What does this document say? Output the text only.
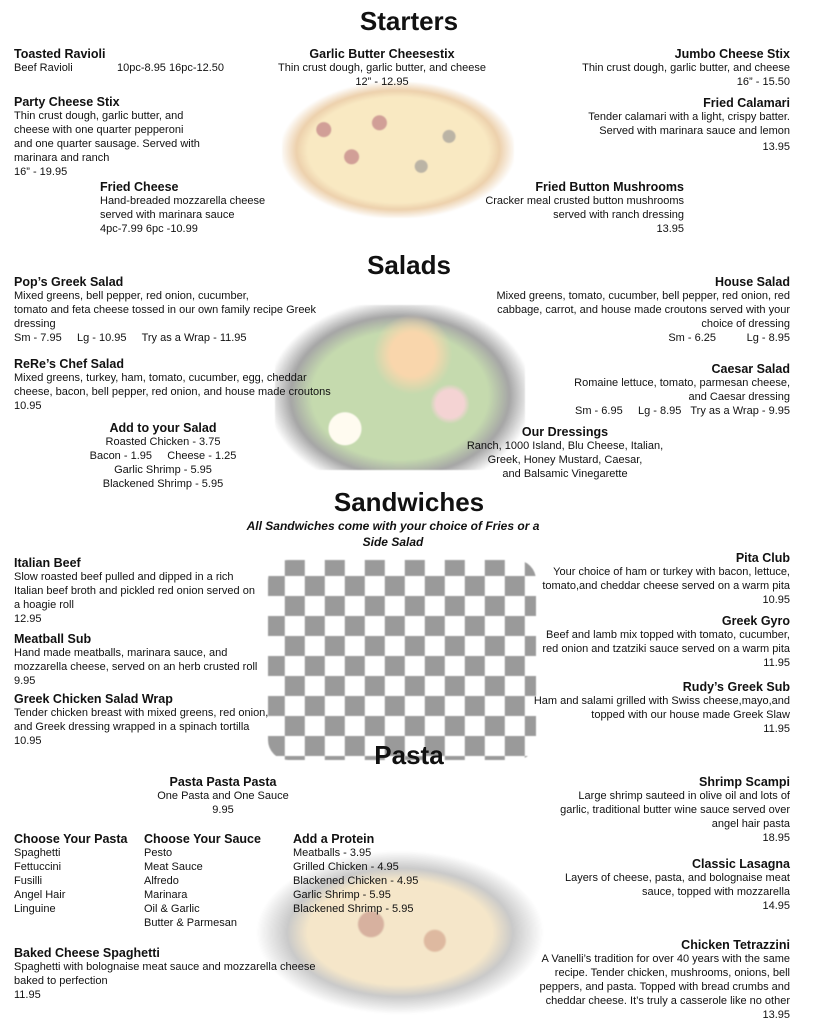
Starters
Toasted Ravioli
Beef Ravioli	10pc-8.95 16pc-12.50
Garlic Butter Cheesestix
Thin crust dough, garlic butter, and cheese
12” - 12.95
Jumbo Cheese Stix
Thin crust dough, garlic butter, and cheese
16” - 15.50
Party Cheese Stix
Thin crust dough, garlic butter, and
cheese with one quarter pepperoni
and one quarter sausage. Served with
marinara and ranch
16” - 19.95
Fried Calamari
Tender calamari with a light, crispy batter.
Served with marinara sauce and lemon
13.95
Fried Cheese
Hand-breaded mozzarella cheese
served with marinara sauce
4pc-7.99 6pc -10.99
Fried Button Mushrooms
Cracker meal crusted button mushrooms
served with ranch dressing
13.95
Salads
Pop’s Greek Salad
Mixed greens, bell pepper, red onion, cucumber,
tomato and feta cheese tossed in our own family recipe Greek
dressing
Sm - 7.95     Lg - 10.95     Try as a Wrap - 11.95
House Salad
Mixed greens, tomato, cucumber, bell pepper, red onion, red
cabbage, carrot, and house made croutons served with your
choice of dressing
Sm - 6.25          Lg - 8.95
ReRe’s Chef Salad
Mixed greens, turkey, ham, tomato, cucumber, egg, cheddar
cheese, bacon, bell pepper, red onion, and house made croutons
10.95
Caesar Salad
Romaine lettuce, tomato, parmesan cheese,
and Caesar dressing
Sm - 6.95     Lg - 8.95   Try as a Wrap - 9.95
Add to your Salad
Roasted Chicken - 3.75
Bacon - 1.95     Cheese - 1.25
Garlic Shrimp - 5.95
Blackened Shrimp - 5.95
Our Dressings
Ranch, 1000 Island, Blu Cheese, Italian,
Greek, Honey Mustard, Caesar,
and Balsamic Vinegarette
Sandwiches
All Sandwiches come with your choice of Fries or a
Side Salad
Italian Beef
Slow roasted beef pulled and dipped in a rich
Italian beef broth and pickled red onion served on
a hoagie roll
12.95
Pita Club
Your choice of ham or turkey with bacon, lettuce,
tomato,and cheddar cheese served on a warm pita
10.95
Meatball Sub
Hand made meatballs, marinara sauce, and
mozzarella cheese, served on an herb crusted roll
9.95
Greek Gyro
Beef and lamb mix topped with tomato, cucumber,
red onion and tzatziki sauce served on a warm pita
11.95
Greek Chicken Salad Wrap
Tender chicken breast with mixed greens, red onion,
and Greek dressing wrapped in a spinach tortilla
10.95
Rudy’s Greek Sub
Ham and salami grilled with Swiss cheese,mayo,and
topped with our house made Greek Slaw
11.95
Pasta
Pasta Pasta Pasta
One Pasta and One Sauce
9.95
Shrimp Scampi
Large shrimp sauteed in olive oil and lots of
garlic, traditional butter wine sauce served over
angel hair pasta
18.95
Choose Your Pasta
Spaghetti
Fettuccini
Fusilli
Angel Hair
Linguine
Choose Your Sauce
Pesto
Meat Sauce
Alfredo
Marinara
Oil & Garlic
Butter & Parmesan
Add a Protein
Meatballs - 3.95
Grilled Chicken - 4.95
Blackened Chicken - 4.95
Garlic Shrimp - 5.95
Blackened Shrimp - 5.95
Classic Lasagna
Layers of cheese, pasta, and bolognaise meat
sauce, topped with mozzarella
14.95
Baked Cheese Spaghetti
Spaghetti with bolognaise meat sauce and mozzarella cheese
baked to perfection
11.95
Chicken Tetrazzini
A Vanelli’s tradition for over 40 years with the same
recipe. Tender chicken, mushrooms, onions, bell
peppers, and pasta. Topped with bread crumbs and
cheddar cheese. It’s truly a casserole like no other
13.95
